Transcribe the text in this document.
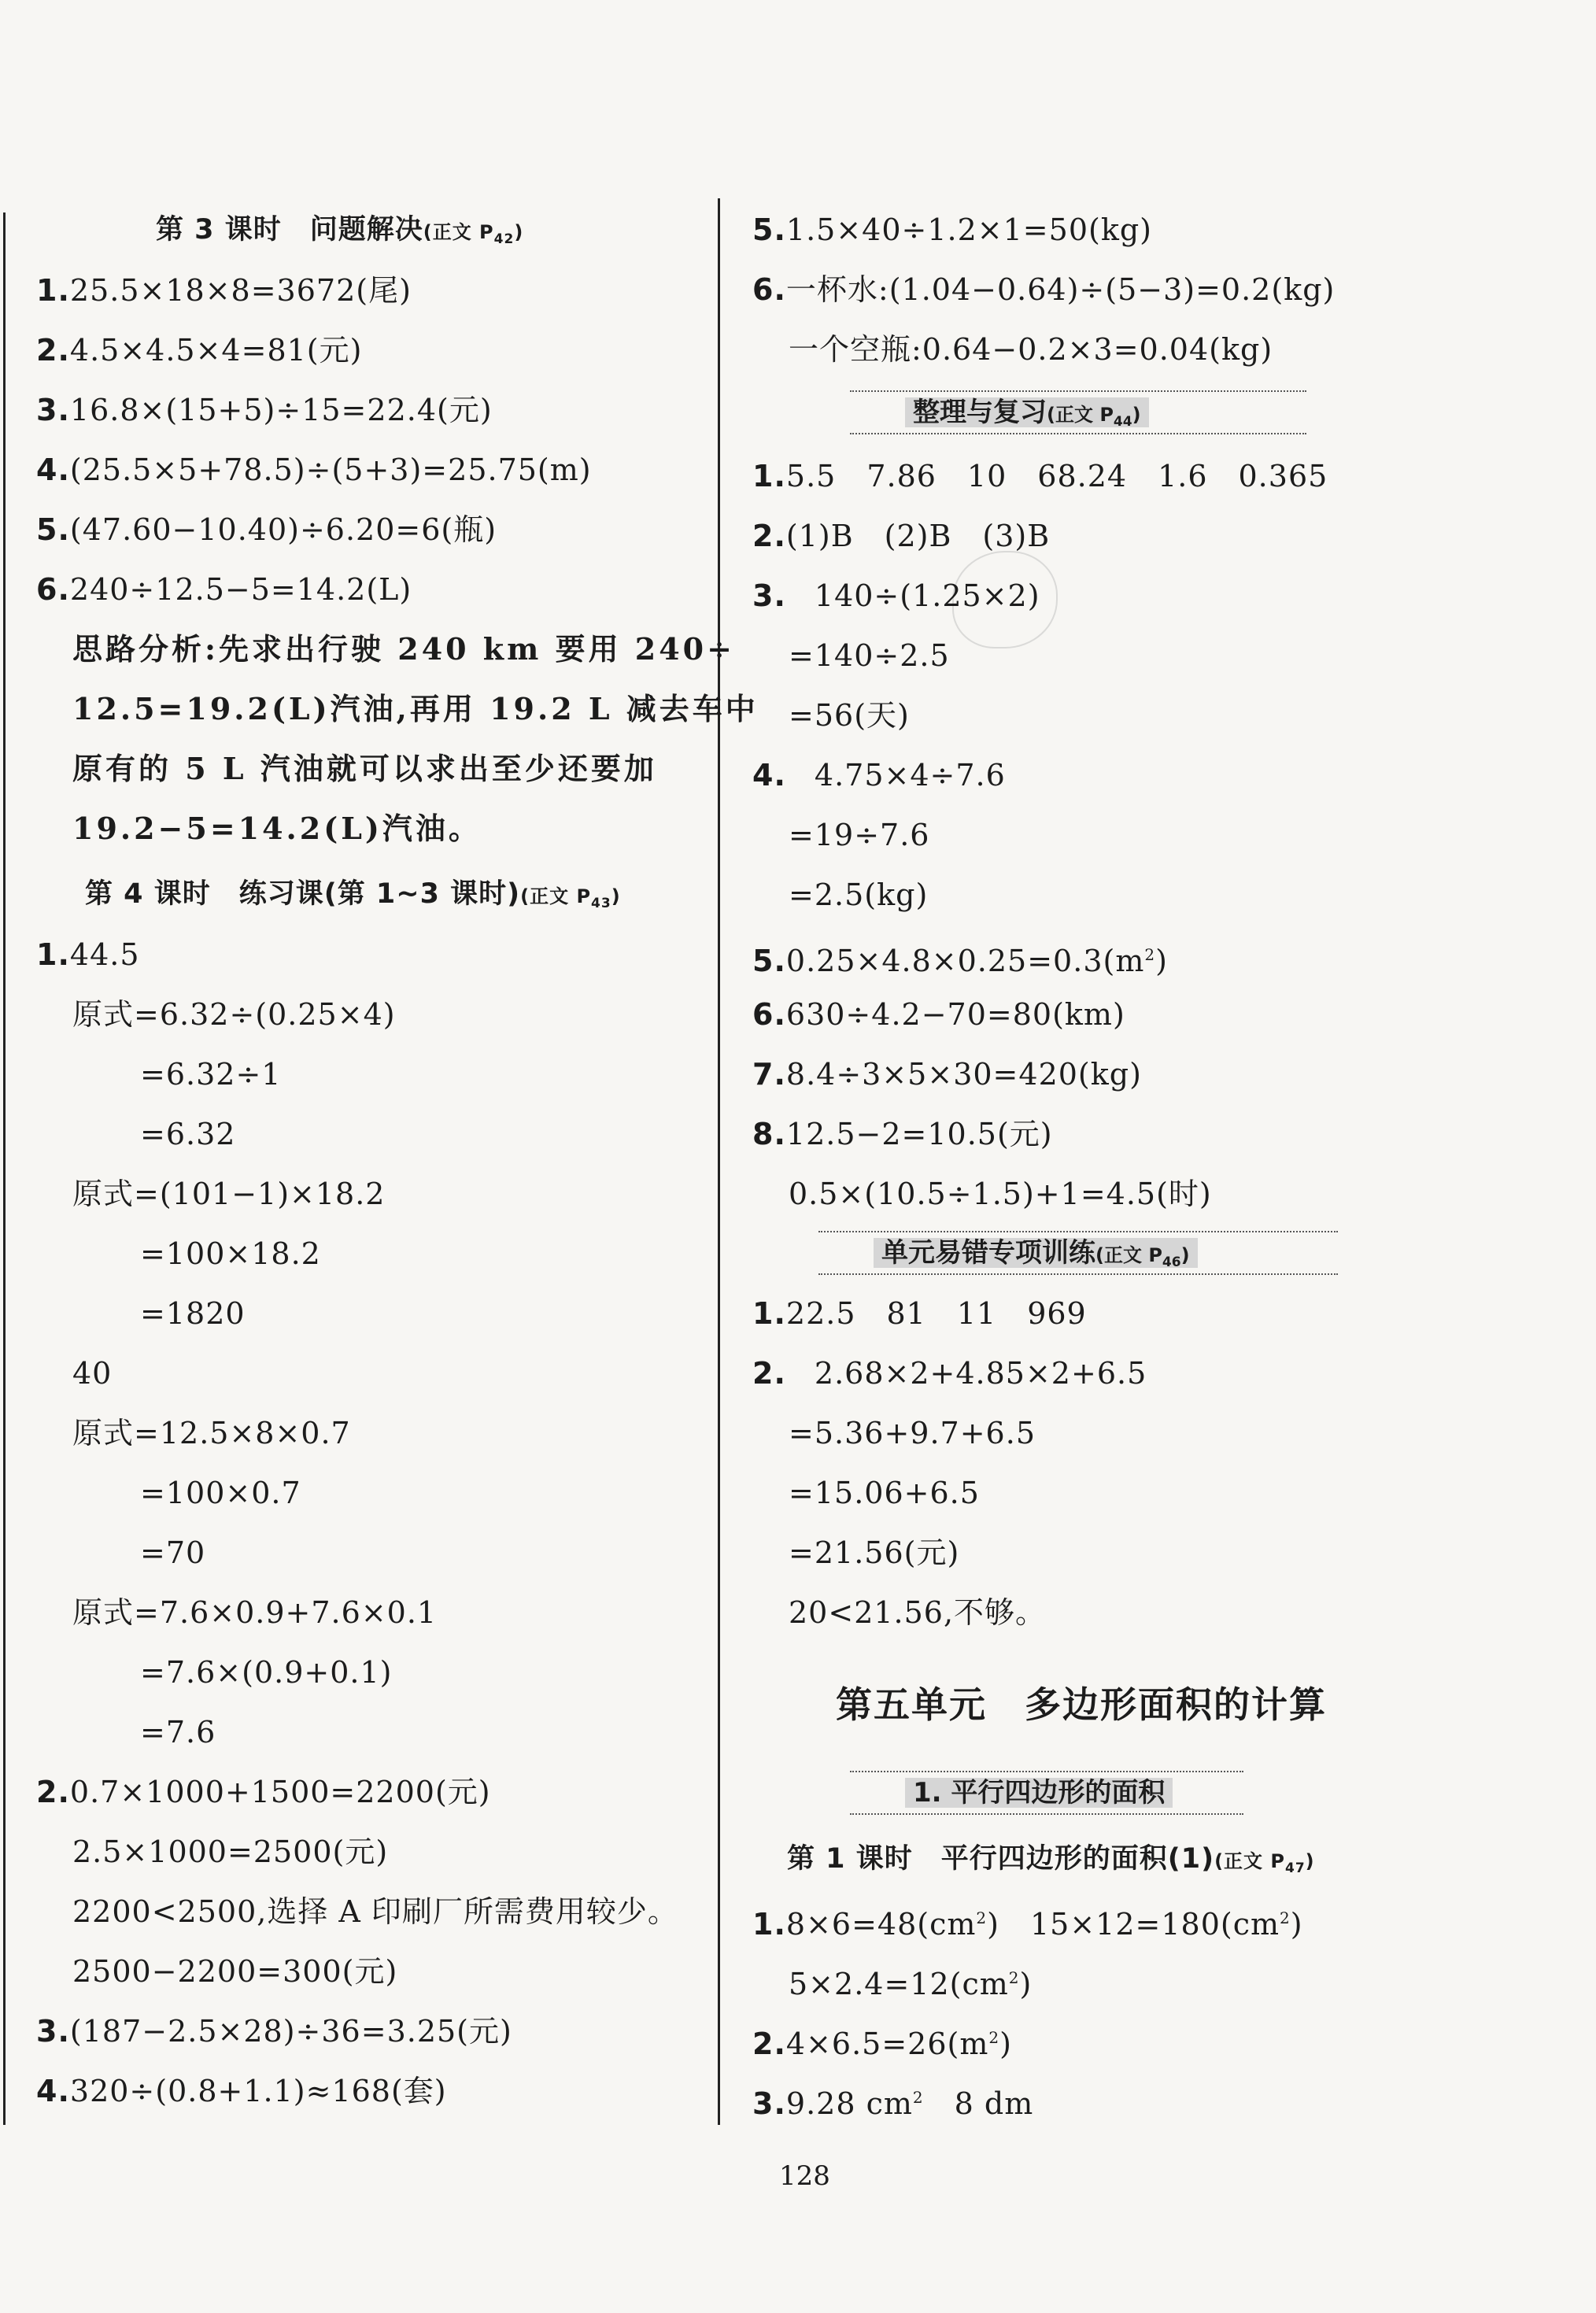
第 3 课时　问题解决(正文 $P_{42}$)
1.25.5×18×8=3672(尾)
2.4.5×4.5×4=81(元)
3.16.8×(15+5)÷15=22.4(元)
4.(25.5×5+78.5)÷(5+3)=25.75(m)
5.(47.60−10.40)÷6.20=6(瓶)
6.240÷12.5−5=14.2(L)
思路分析:先求出行驶 240 km 要用 240÷
12.5=19.2(L)汽油,再用 19.2 L 减去车中
原有的 5 L 汽油就可以求出至少还要加
19.2−5=14.2(L)汽油。
第 4 课时　练习课(第 1~3 课时)(正文 $P_{43}$)
1.44.5
原式=6.32÷(0.25×4)
=6.32÷1
=6.32
原式=(101−1)×18.2
=100×18.2
=1820
40
原式=12.5×8×0.7
=100×0.7
=70
原式=7.6×0.9+7.6×0.1
=7.6×(0.9+0.1)
=7.6
2.0.7×1000+1500=2200(元)
2.5×1000=2500(元)
2200<2500,选择 A 印刷厂所需费用较少。
2500−2200=300(元)
3.(187−2.5×28)÷36=3.25(元)
4.320÷(0.8+1.1)≈168(套)
5.1.5×40÷1.2×1=50(kg)
6.一杯水:(1.04−0.64)÷(5−3)=0.2(kg)
一个空瓶:0.64−0.2×3=0.04(kg)
整理与复习(正文 $P_{44}$)
1.5.5　7.86　10　68.24　1.6　0.365
2.(1)B　(2)B　(3)B
3. 140÷(1.25×2)
=140÷2.5
=56(天)
4. 4.75×4÷7.6
=19÷7.6
=2.5(kg)
$5.0.25\times 4.8\times 0.25=0.3(m^2)$
6.630÷4.2−70=80(km)
7.8.4÷3×5×30=420(kg)
8.12.5−2=10.5(元)
0.5×(10.5÷1.5)+1=4.5(时)
单元易错专项训练(正文 $P_{46}$)
1.22.5　81　11　969
2. 2.68×2+4.85×2+6.5
=5.36+9.7+6.5
=15.06+6.5
=21.56(元)
20<21.56,不够。
第五单元　多边形面积的计算
1. 平行四边形的面积
第 1 课时　平行四边形的面积(1)(正文 $P_{47}$)
$1.8\times 6=48(cm^2)$　$15\times 12=180(cm^2)$
$5\times 2.4=12(cm^2)$
$2.4\times 6.5=26(m^2)$
3.9.28 $cm^2$　8 dm
128
